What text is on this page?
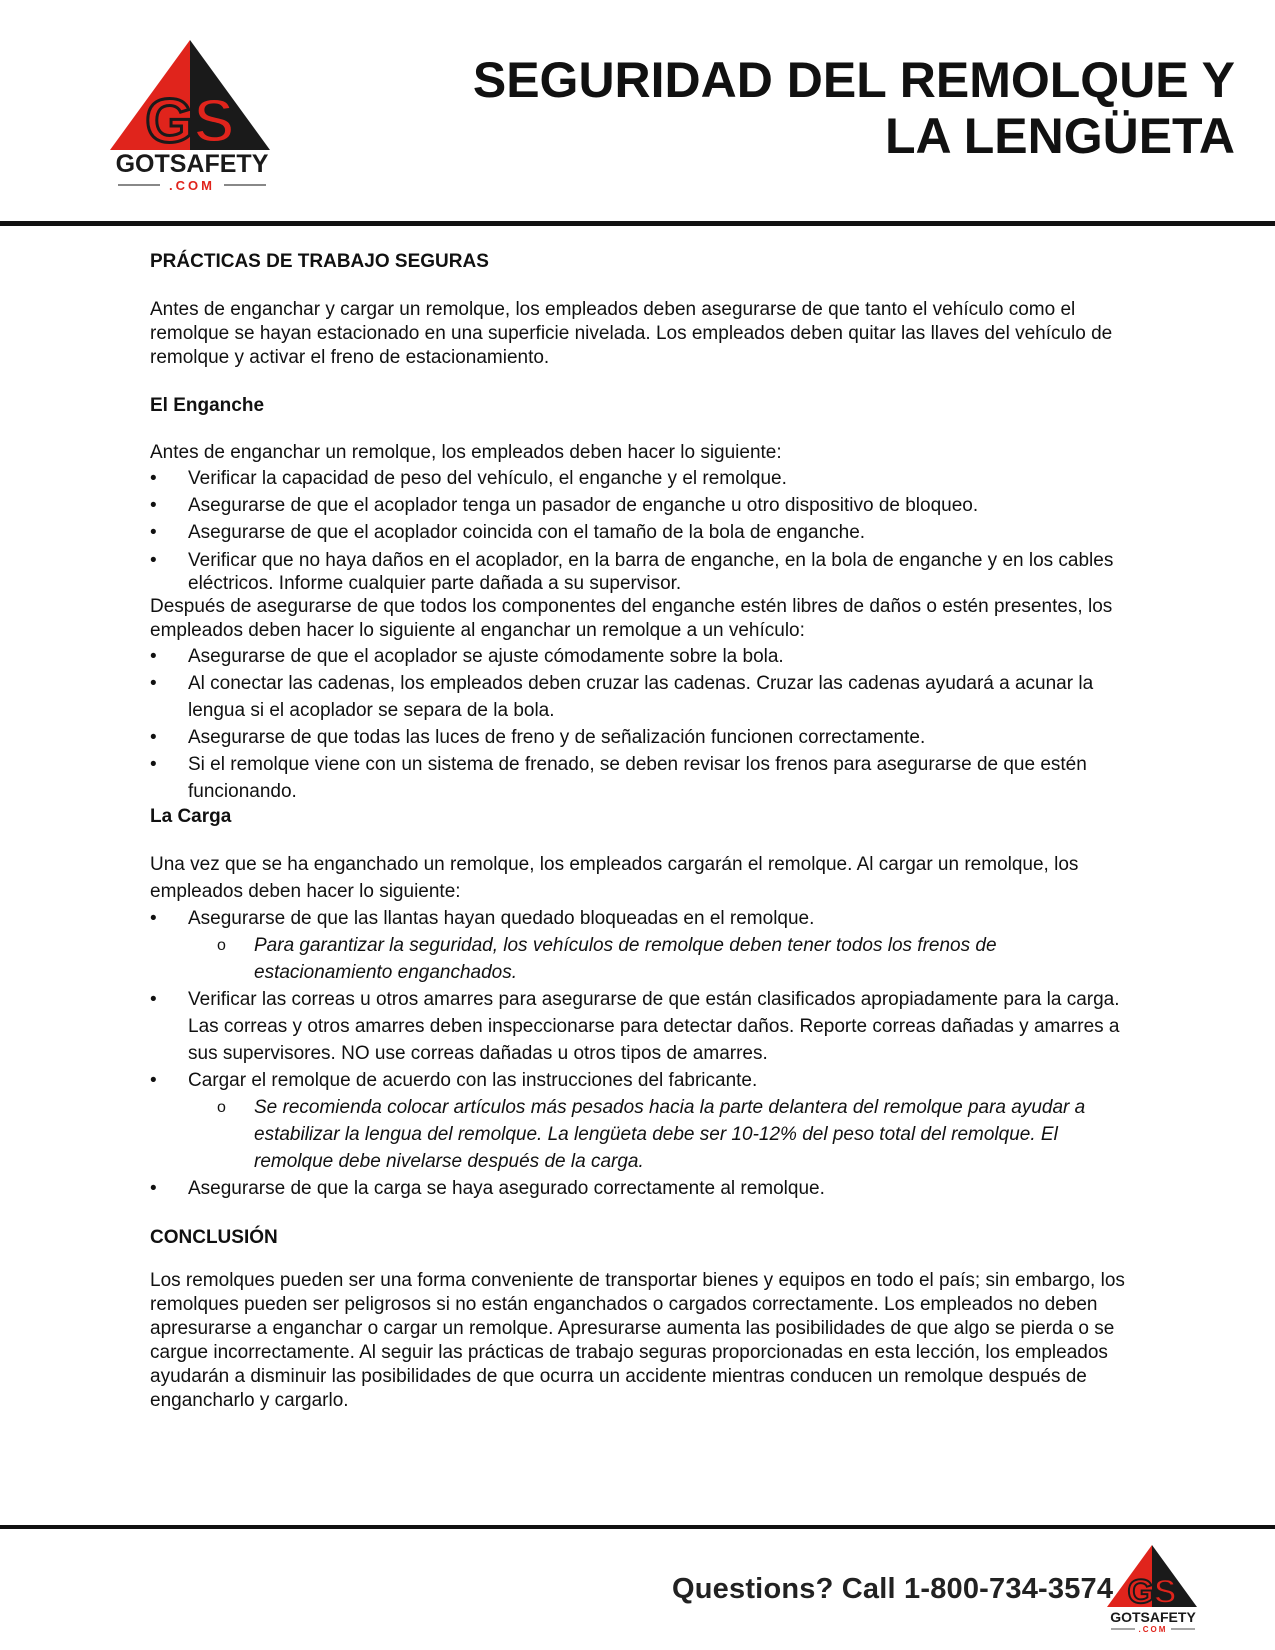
GS
GOTSAFETY
.COM
SEGURIDAD DEL REMOLQUE Y
LA LENGÜETA
PRÁCTICAS DE TRABAJO SEGURAS
Antes de enganchar y cargar un remolque, los empleados deben asegurarse de que tanto el vehículo como el remolque se hayan estacionado en una superficie nivelada. Los empleados deben quitar las llaves del vehículo de remolque y activar el freno de estacionamiento.
El Enganche
Antes de enganchar un remolque, los empleados deben hacer lo siguiente:
• Verificar la capacidad de peso del vehículo, el enganche y el remolque.
• Asegurarse de que el acoplador tenga un pasador de enganche u otro dispositivo de bloqueo.
• Asegurarse de que el acoplador coincida con el tamaño de la bola de enganche.
• Verificar que no haya daños en el acoplador, en la barra de enganche, en la bola de enganche y en los cables eléctricos. Informe cualquier parte dañada a su supervisor.
Después de asegurarse de que todos los componentes del enganche estén libres de daños o estén presentes, los empleados deben hacer lo siguiente al enganchar un remolque a un vehículo:
• Asegurarse de que el acoplador se ajuste cómodamente sobre la bola.
• Al conectar las cadenas, los empleados deben cruzar las cadenas. Cruzar las cadenas ayudará a acunar la lengua si el acoplador se separa de la bola.
• Asegurarse de que todas las luces de freno y de señalización funcionen correctamente.
• Si el remolque viene con un sistema de frenado, se deben revisar los frenos para asegurarse de que estén funcionando.
La Carga
Una vez que se ha enganchado un remolque, los empleados cargarán el remolque. Al cargar un remolque, los empleados deben hacer lo siguiente:
• Asegurarse de que las llantas hayan quedado bloqueadas en el remolque.
o Para garantizar la seguridad, los vehículos de remolque deben tener todos los frenos de estacionamiento enganchados.
• Verificar las correas u otros amarres para asegurarse de que están clasificados apropiadamente para la carga. Las correas y otros amarres deben inspeccionarse para detectar daños. Reporte correas dañadas y amarres a sus supervisores. NO use correas dañadas u otros tipos de amarres.
• Cargar el remolque de acuerdo con las instrucciones del fabricante.
o Se recomienda colocar artículos más pesados hacia la parte delantera del remolque para ayudar a estabilizar la lengua del remolque. La lengüeta debe ser 10-12% del peso total del remolque. El remolque debe nivelarse después de la carga.
• Asegurarse de que la carga se haya asegurado correctamente al remolque.
CONCLUSIÓN
Los remolques pueden ser una forma conveniente de transportar bienes y equipos en todo el país; sin embargo, los remolques pueden ser peligrosos si no están enganchados o cargados correctamente. Los empleados no deben apresurarse a enganchar o cargar un remolque. Apresurarse aumenta las posibilidades de que algo se pierda o se cargue incorrectamente. Al seguir las prácticas de trabajo seguras proporcionadas en esta lección, los empleados ayudarán a disminuir las posibilidades de que ocurra un accidente mientras conducen un remolque después de engancharlo y cargarlo.
Questions? Call 1-800-734-3574 GS
GOTSAFETY
.COM
